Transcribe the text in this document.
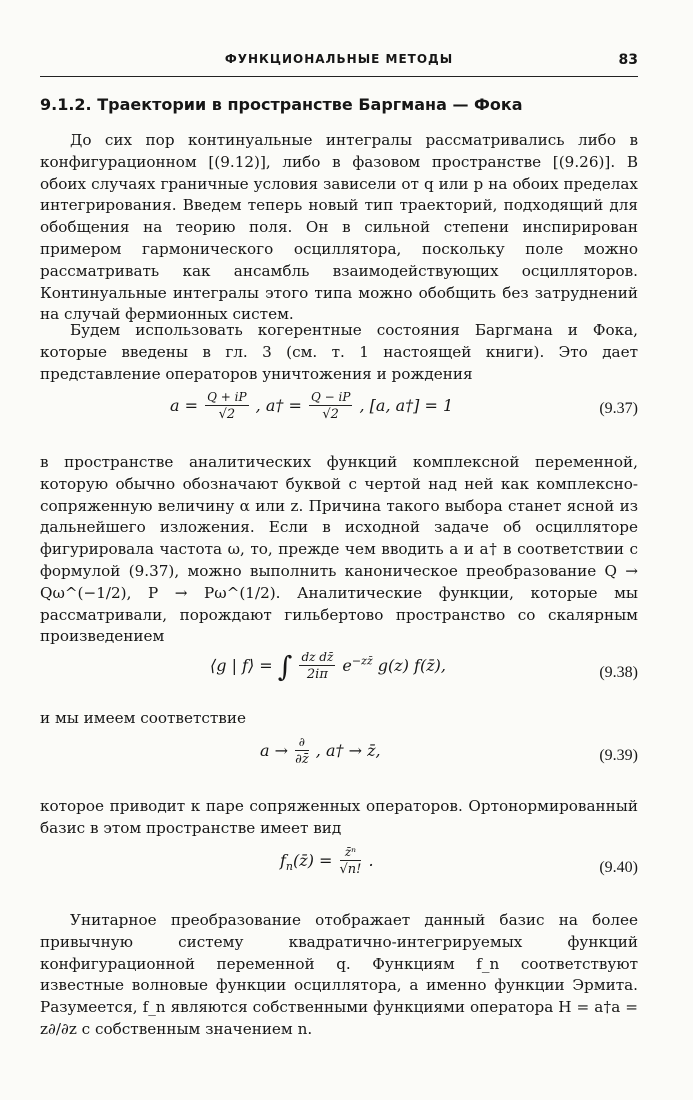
ФУНКЦИОНАЛЬНЫЕ МЕТОДЫ	83
9.1.2. Траектории в пространстве Баргмана — Фока

До сих пор континуальные интегралы рассматривались либо в конфигурационном [(9.12)], либо в фазовом пространстве [(9.26)]. В обоих случаях граничные условия зависели от q или p на обоих пределах интегрирования. Введем теперь новый тип траекторий, подходящий для обобщения на теорию поля. Он в сильной степени инспирирован примером гармонического осциллятора, поскольку поле можно рассматривать как ансамбль взаимодействующих осцилляторов. Континуальные интегралы этого типа можно обобщить без затруднений на случай фермионных систем.

Будем использовать когерентные состояния Баргмана и Фока, которые введены в гл. 3 (см. т. 1 настоящей книги). Это дает представление операторов уничтожения и рождения

$a = \frac{Q + iP}{√2}$ , a† = $\frac{Q - iP}{√2}$ , [a, a†] = 1	(9.37)

в пространстве аналитических функций комплексной переменной, которую обычно обозначают буквой с чертой над ней как комплексно-сопряженную величину α или z. Причина такого выбора станет ясной из дальнейшего изложения. Если в исходной задаче об осцилляторе фигурировала частота ω, то, прежде чем вводить a и a† в соответствии с формулой (9.37), можно выполнить каноническое преобразование Q → Qω^(−1/2), P → Pω^(1/2). Аналитические функции, которые мы рассматривали, порождают гильбертово пространство со скалярным произведением

⟨g | f⟩ = ∫ $\frac{\text{dz dz̄}}{2i\pi} e^{-zz̄}$ g(z) f(z̄),	(9.38)

и мы имеем соответствие

$a \to \frac{\partial}{\partial z̄}$ , a† → z̄,	(9.39)

которое приводит к паре сопряженных операторов. Ортонормированный базис в этом пространстве имеет вид

$f_n(z̄) = \frac{\text{z̄ⁿ}}{√n!}$ .	(9.40)

Унитарное преобразование отображает данный базис на более привычную систему квадратично-интегрируемых функций конфигурационной переменной q. Функциям f_n соответствуют известные волновые функции осциллятора, а именно функции Эрмита. Разумеется, f_n являются собственными функциями оператора H = a†a = z∂/∂z с собственным значением n.
